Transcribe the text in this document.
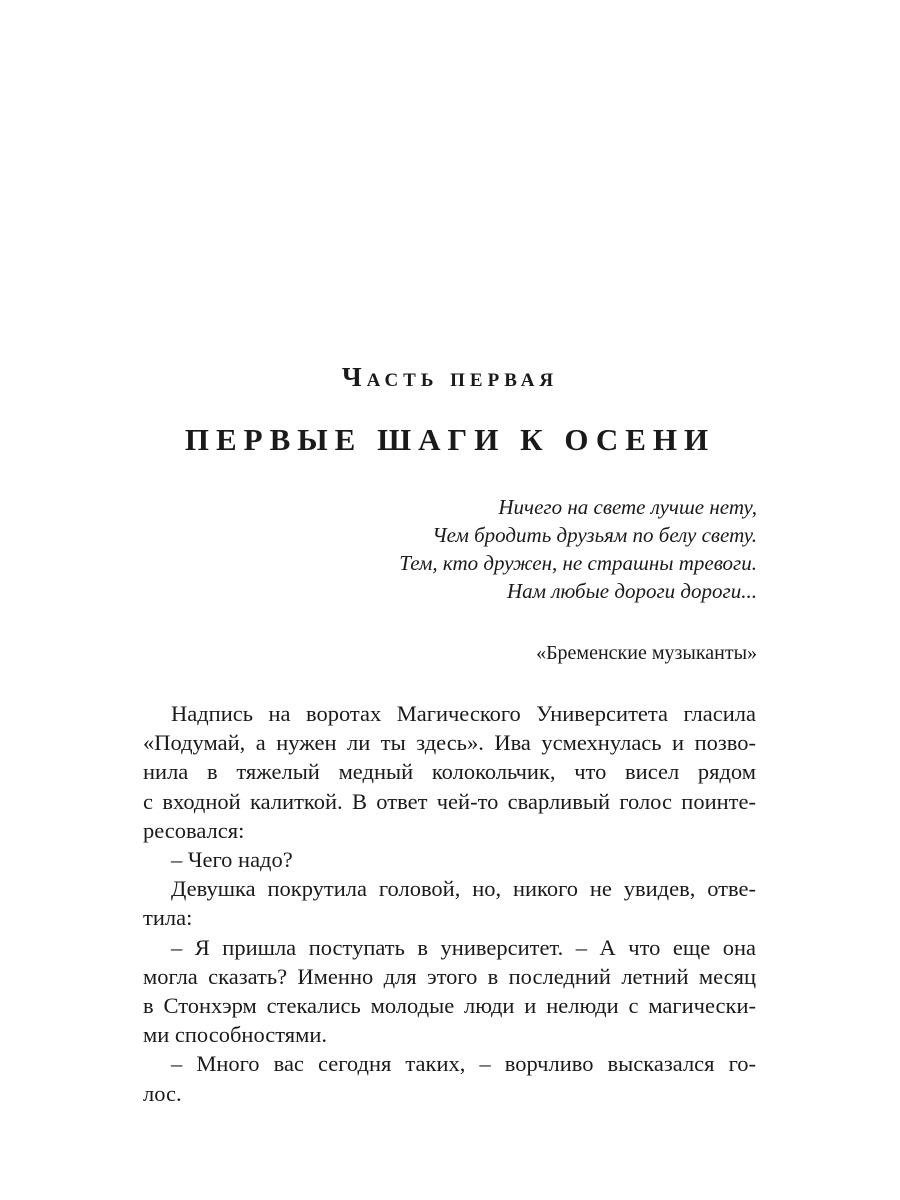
Часть первая
ПЕРВЫЕ ШАГИ К ОСЕНИ
Ничего на свете лучше нету,
Чем бродить друзьям по белу свету.
Тем, кто дружен, не страшны тревоги.
Нам любые дороги дороги...
«Бременские музыканты»
Надпись на воротах Магического Университета гласила
«Подумай, а нужен ли ты здесь». Ива усмехнулась и позво-
нила в тяжелый медный колокольчик, что висел рядом
с входной калиткой. В ответ чей-то сварливый голос поинте-
ресовался:
– Чего надо?
Девушка покрутила головой, но, никого не увидев, отве-
тила:
– Я пришла поступать в университет. – А что еще она
могла сказать? Именно для этого в последний летний месяц
в Стонхэрм стекались молодые люди и нелюди с магически-
ми способностями.
– Много вас сегодня таких, – ворчливо высказался го-
лос.
